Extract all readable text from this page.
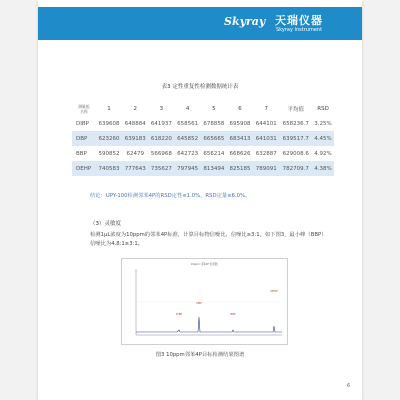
Skyray 天瑞仪器
Skyray Instrument
表3 定性重复性检测数据统计表
测量组
名称	1	2	3	4	5	6	7	平均值	RSD
DIBP	639608	648884	641937	658561	678858	695908	644101	658236.7	3.25%
DBP	623260	639183	618220	645852	665665	683413	641031	639517.7	4.45%
BBP	590852	62479	566968	642723	656214	668626	632887	629008.6	4.92%
DEHP	740583	777643	735627	797945	813494	825185	789091	782709.7	4.38%
结论：UPY-100检测邻苯4P的RSD定性≤1.0%，RSD定量≤6.0%。
（3）灵敏度
检测1μL浓度为10ppm的邻苯4P标准，计算目标物信噪比，信噪比≥3:1。如下图3，最小峰（BBP）信噪比为4.8:1≥3:1。
10ppm 邻苯4P 色谱图
DIBP
DBP
BBP
DEHP
图3 10ppm邻苯4P目标检测结果图谱
6
